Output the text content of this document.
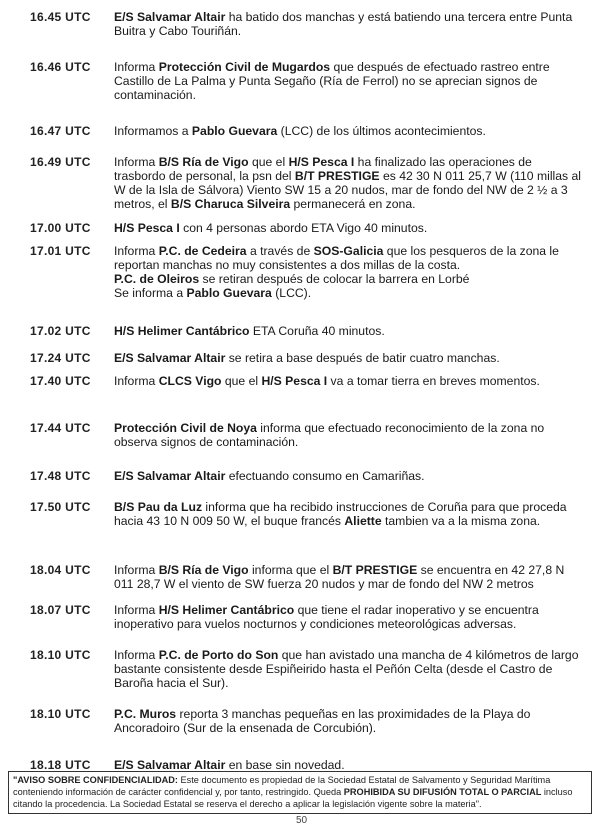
16.45 UTC	E/S Salvamar Altair ha batido dos manchas y está batiendo una tercera entre Punta Buitra y Cabo Touriñán.
16.46 UTC	Informa Protección Civil de Mugardos que después de efectuado rastreo entre Castillo de La Palma y Punta Segaño (Ría de Ferrol) no se aprecian signos de contaminación.
16.47 UTC	Informamos a Pablo Guevara (LCC) de los últimos acontecimientos.
16.49 UTC	Informa B/S Ría de Vigo que el H/S Pesca I ha finalizado las operaciones de trasbordo de personal, la psn del B/T PRESTIGE es 42 30 N 011 25,7 W (110 millas al W de la Isla de Sálvora) Viento SW 15 a 20 nudos, mar de fondo del NW de 2 ½ a 3 metros, el B/S Charuca Silveira permanecerá en zona.
17.00 UTC	H/S Pesca I con 4 personas abordo ETA Vigo 40 minutos.
17.01 UTC	Informa P.C. de Cedeira a través de SOS-Galicia que los pesqueros de la zona le reportan manchas no muy consistentes a dos millas de la costa.
P.C. de Oleiros se retiran después de colocar la barrera en Lorbé
Se informa a Pablo Guevara (LCC).
17.02 UTC	H/S Helimer Cantábrico ETA Coruña 40 minutos.
17.24 UTC	E/S Salvamar Altair se retira a base después de batir cuatro manchas.
17.40 UTC	Informa CLCS Vigo que el H/S Pesca I va a tomar tierra en breves momentos.
17.44 UTC	Protección Civil de Noya informa que efectuado reconocimiento de la zona no observa signos de contaminación.
17.48 UTC	E/S Salvamar Altair efectuando consumo en Camariñas.
17.50 UTC	B/S Pau da Luz informa que ha recibido instrucciones de Coruña para que proceda hacia 43 10 N 009 50 W, el buque francés Aliette tambien va a la misma zona.
18.04 UTC	Informa B/S Ría de Vigo informa que el B/T PRESTIGE se encuentra en 42 27,8 N 011 28,7 W el viento de SW fuerza 20 nudos y mar de fondo del NW 2 metros
18.07 UTC	Informa H/S Helimer Cantábrico que tiene el radar inoperativo y se encuentra inoperativo para vuelos nocturnos y condiciones meteorológicas adversas.
18.10 UTC	Informa P.C. de Porto do Son que han avistado una mancha de 4 kilómetros de largo bastante consistente desde Espiñeirido hasta el Peñón Celta (desde el Castro de Baroña hacia el Sur).
18.10 UTC	P.C. Muros reporta 3 manchas pequeñas en las proximidades de la Playa do Ancoradoiro (Sur de la ensenada de Corcubión).
18.18 UTC	E/S Salvamar Altair en base sin novedad.
"AVISO SOBRE CONFIDENCIALIDAD: Este documento es propiedad de la Sociedad Estatal de Salvamento y Seguridad Marítima conteniendo información de carácter confidencial y, por tanto, restringido. Queda PROHIBIDA SU DIFUSIÓN TOTAL O PARCIAL incluso citando la procedencia. La Sociedad Estatal se reserva el derecho a aplicar la legislación vigente sobre la materia".
50
